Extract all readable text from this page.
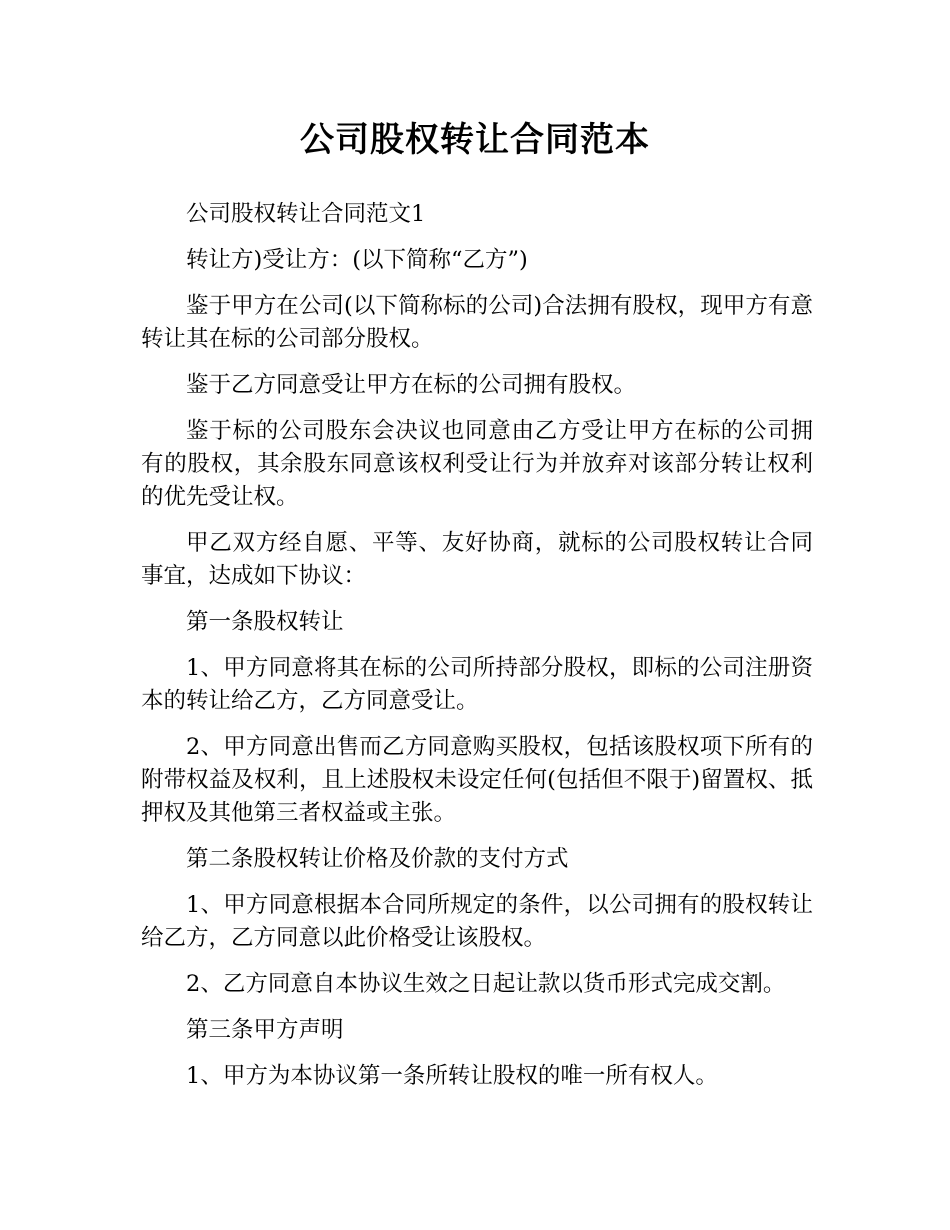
公司股权转让合同范本

公司股权转让合同范文1

转让方)受让方：(以下简称“乙方”)

鉴于甲方在公司(以下简称标的公司)合法拥有股权，现甲方有意转让其在标的公司部分股权。

鉴于乙方同意受让甲方在标的公司拥有股权。

鉴于标的公司股东会决议也同意由乙方受让甲方在标的公司拥有的股权，其余股东同意该权利受让行为并放弃对该部分转让权利的优先受让权。

甲乙双方经自愿、平等、友好协商，就标的公司股权转让合同事宜，达成如下协议：

第一条股权转让

1、甲方同意将其在标的公司所持部分股权，即标的公司注册资本的转让给乙方，乙方同意受让。

2、甲方同意出售而乙方同意购买股权，包括该股权项下所有的附带权益及权利，且上述股权未设定任何(包括但不限于)留置权、抵押权及其他第三者权益或主张。

第二条股权转让价格及价款的支付方式

1、甲方同意根据本合同所规定的条件，以公司拥有的股权转让给乙方，乙方同意以此价格受让该股权。

2、乙方同意自本协议生效之日起让款以货币形式完成交割。

第三条甲方声明

1、甲方为本协议第一条所转让股权的唯一所有权人。
